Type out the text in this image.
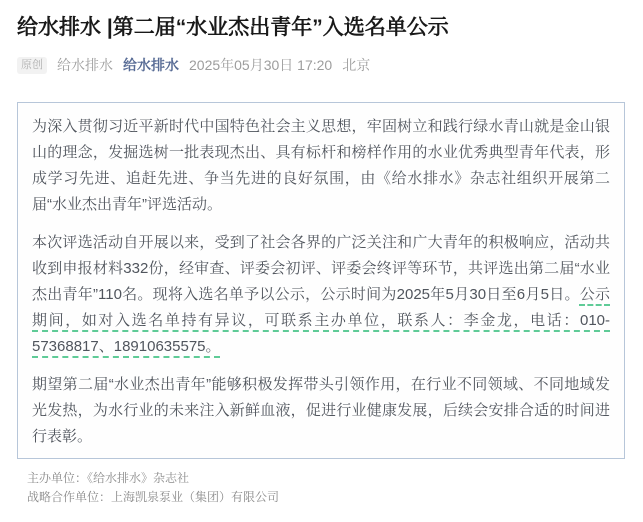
给水排水 |第二届“水业杰出青年”入选名单公示
原创 给水排水 给水排水 2025年05月30日 17:20 北京

为深入贯彻习近平新时代中国特色社会主义思想，牢固树立和践行绿水青山就是金山银山的理念，发掘选树一批表现杰出、具有标杆和榜样作用的水业优秀典型青年代表，形成学习先进、追赶先进、争当先进的良好氛围，由《给水排水》杂志社组织开展第二届“水业杰出青年”评选活动。

本次评选活动自开展以来，受到了社会各界的广泛关注和广大青年的积极响应，活动共收到申报材料332份，经审查、评委会初评、评委会终评等环节，共评选出第二届“水业杰出青年”110名。现将入选名单予以公示，公示时间为2025年5月30日至6月5日。公示期间，如对入选名单持有异议，可联系主办单位，联系人：李金龙，电话：010-57368817、18910635575。

期望第二届“水业杰出青年”能够积极发挥带头引领作用，在行业不同领域、不同地域发光发热，为水行业的未来注入新鲜血液，促进行业健康发展，后续会安排合适的时间进行表彰。

主办单位：《给水排水》杂志社
战略合作单位：上海凯泉泵业（集团）有限公司
